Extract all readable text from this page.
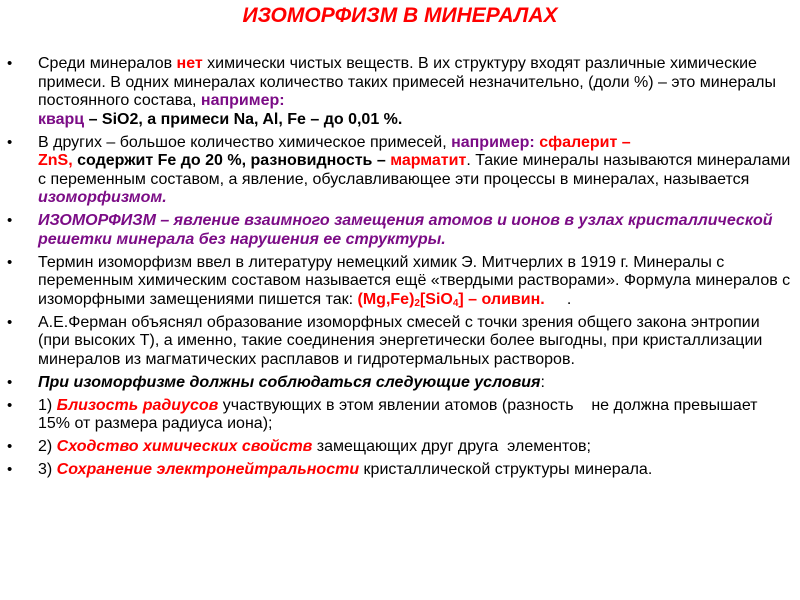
ИЗОМОРФИЗМ В МИНЕРАЛАХ
• Среди минералов нет химически чистых веществ. В их структуру входят различные химические примеси. В одних минералах количество таких примесей незначительно, (доли %) – это минералы постоянного состава, например:
кварц – SiO2, а примеси Na, Al, Fe – до 0,01 %.
• В других – большое количество химическое примесей, например: сфалерит –
ZnS, содержит Fe до 20 %, разновидность – марматит. Такие минералы называются минералами с переменным составом, а явление, обуславливающее эти процессы в минералах, называется изоморфизмом.
• ИЗОМОРФИЗМ – явление взаимного замещения атомов и ионов в узлах кристаллической решетки минерала без нарушения ее структуры.
• Термин изоморфизм ввел в литературу немецкий химик Э. Митчерлих в 1919 г. Минералы с переменным химическим составом называется ещё «твердыми растворами». Формула минералов с изоморфными замещениями пишется так: $(Mg,Fe)_2[SiO_4]$ – оливин.     .
• А.Е.Ферман объяснял образование изоморфных смесей с точки зрения общего закона энтропии (при высоких Т), а именно, такие соединения энергетически более выгодны, при кристаллизации минералов из магматических расплавов и гидротермальных растворов.
• При изоморфизме должны соблюдаться следующие условия:
• 1) Близость радиусов участвующих в этом явлении атомов (разность    не должна превышает 15% от размера радиуса иона);
• 2) Сходство химических свойств замещающих друг друга  элементов;
• 3) Сохранение электронейтральности кристаллической структуры минерала.
